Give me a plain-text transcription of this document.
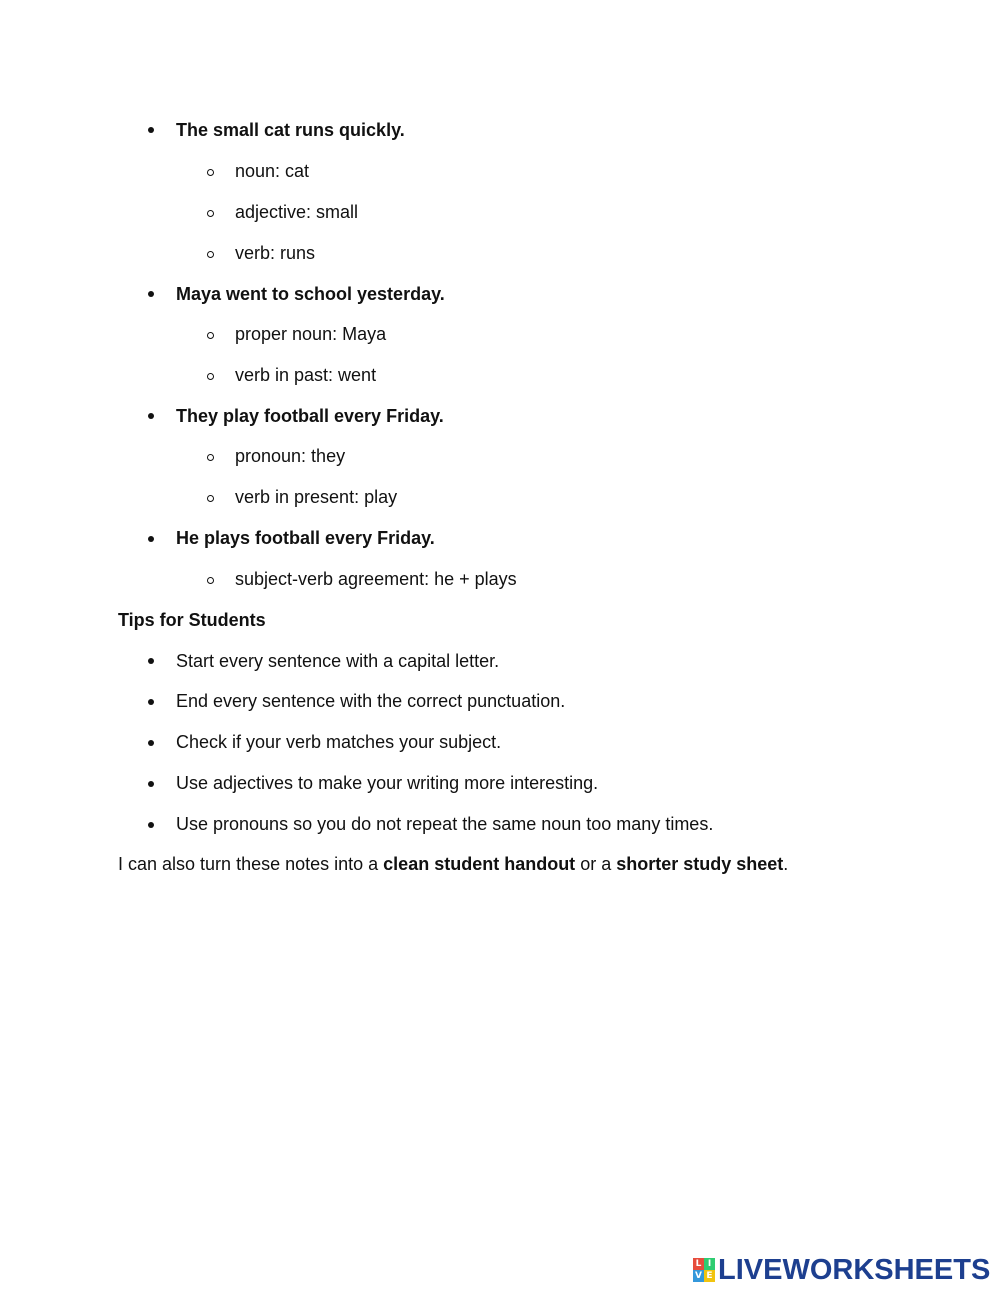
The small cat runs quickly.
noun: cat
adjective: small
verb: runs
Maya went to school yesterday.
proper noun: Maya
verb in past: went
They play football every Friday.
pronoun: they
verb in present: play
He plays football every Friday.
subject-verb agreement: he + plays
Tips for Students
Start every sentence with a capital letter.
End every sentence with the correct punctuation.
Check if your verb matches your subject.
Use adjectives to make your writing more interesting.
Use pronouns so you do not repeat the same noun too many times.
I can also turn these notes into a clean student handout or a shorter study sheet.
L I
V E LIVEWORKSHEETS
